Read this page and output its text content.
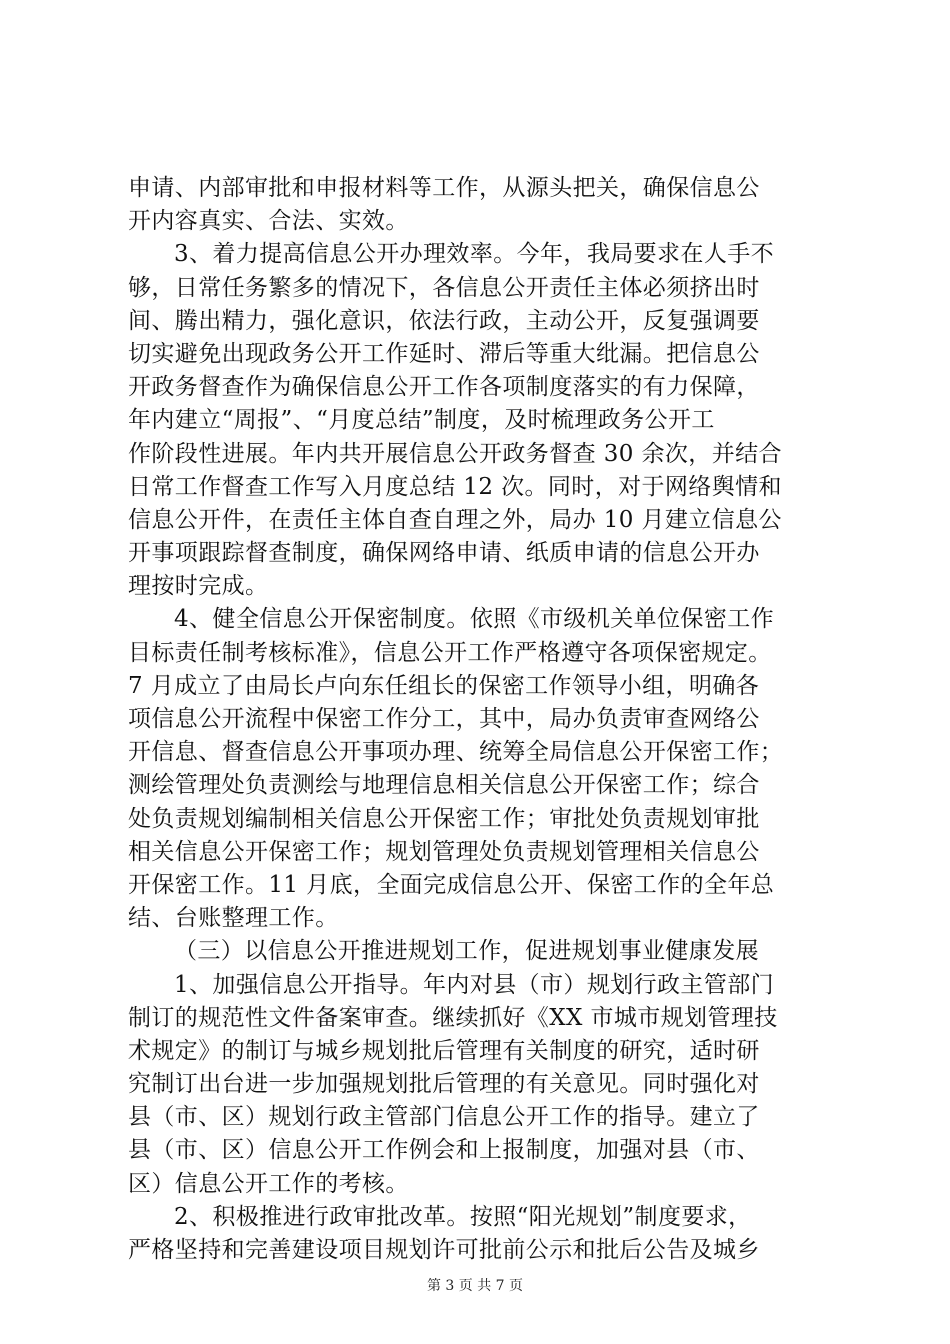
申请、内部审批和申报材料等工作，从源头把关，确保信息公
开内容真实、合法、实效。
3、着力提高信息公开办理效率。今年，我局要求在人手不
够，日常任务繁多的情况下，各信息公开责任主体必须挤出时
间、腾出精力，强化意识，依法行政，主动公开，反复强调要
切实避免出现政务公开工作延时、滞后等重大纰漏。把信息公
开政务督查作为确保信息公开工作各项制度落实的有力保障，
年内建立“周报”、“月度总结”制度，及时梳理政务公开工
作阶段性进展。年内共开展信息公开政务督查 30 余次，并结合
日常工作督查工作写入月度总结 12 次。同时，对于网络舆情和
信息公开件，在责任主体自查自理之外，局办 10 月建立信息公
开事项跟踪督查制度，确保网络申请、纸质申请的信息公开办
理按时完成。
4、健全信息公开保密制度。依照《市级机关单位保密工作
目标责任制考核标准》，信息公开工作严格遵守各项保密规定。
7 月成立了由局长卢向东任组长的保密工作领导小组，明确各
项信息公开流程中保密工作分工，其中，局办负责审查网络公
开信息、督查信息公开事项办理、统筹全局信息公开保密工作；
测绘管理处负责测绘与地理信息相关信息公开保密工作；综合
处负责规划编制相关信息公开保密工作；审批处负责规划审批
相关信息公开保密工作；规划管理处负责规划管理相关信息公
开保密工作。11 月底，全面完成信息公开、保密工作的全年总
结、台账整理工作。
（三）以信息公开推进规划工作，促进规划事业健康发展
1、加强信息公开指导。年内对县（市）规划行政主管部门
制订的规范性文件备案审查。继续抓好《XX 市城市规划管理技
术规定》的制订与城乡规划批后管理有关制度的研究，适时研
究制订出台进一步加强规划批后管理的有关意见。同时强化对
县（市、区）规划行政主管部门信息公开工作的指导。建立了
县（市、区）信息公开工作例会和上报制度，加强对县（市、
区）信息公开工作的考核。
2、积极推进行政审批改革。按照“阳光规划”制度要求，
严格坚持和完善建设项目规划许可批前公示和批后公告及城乡
第 3 页 共 7 页
